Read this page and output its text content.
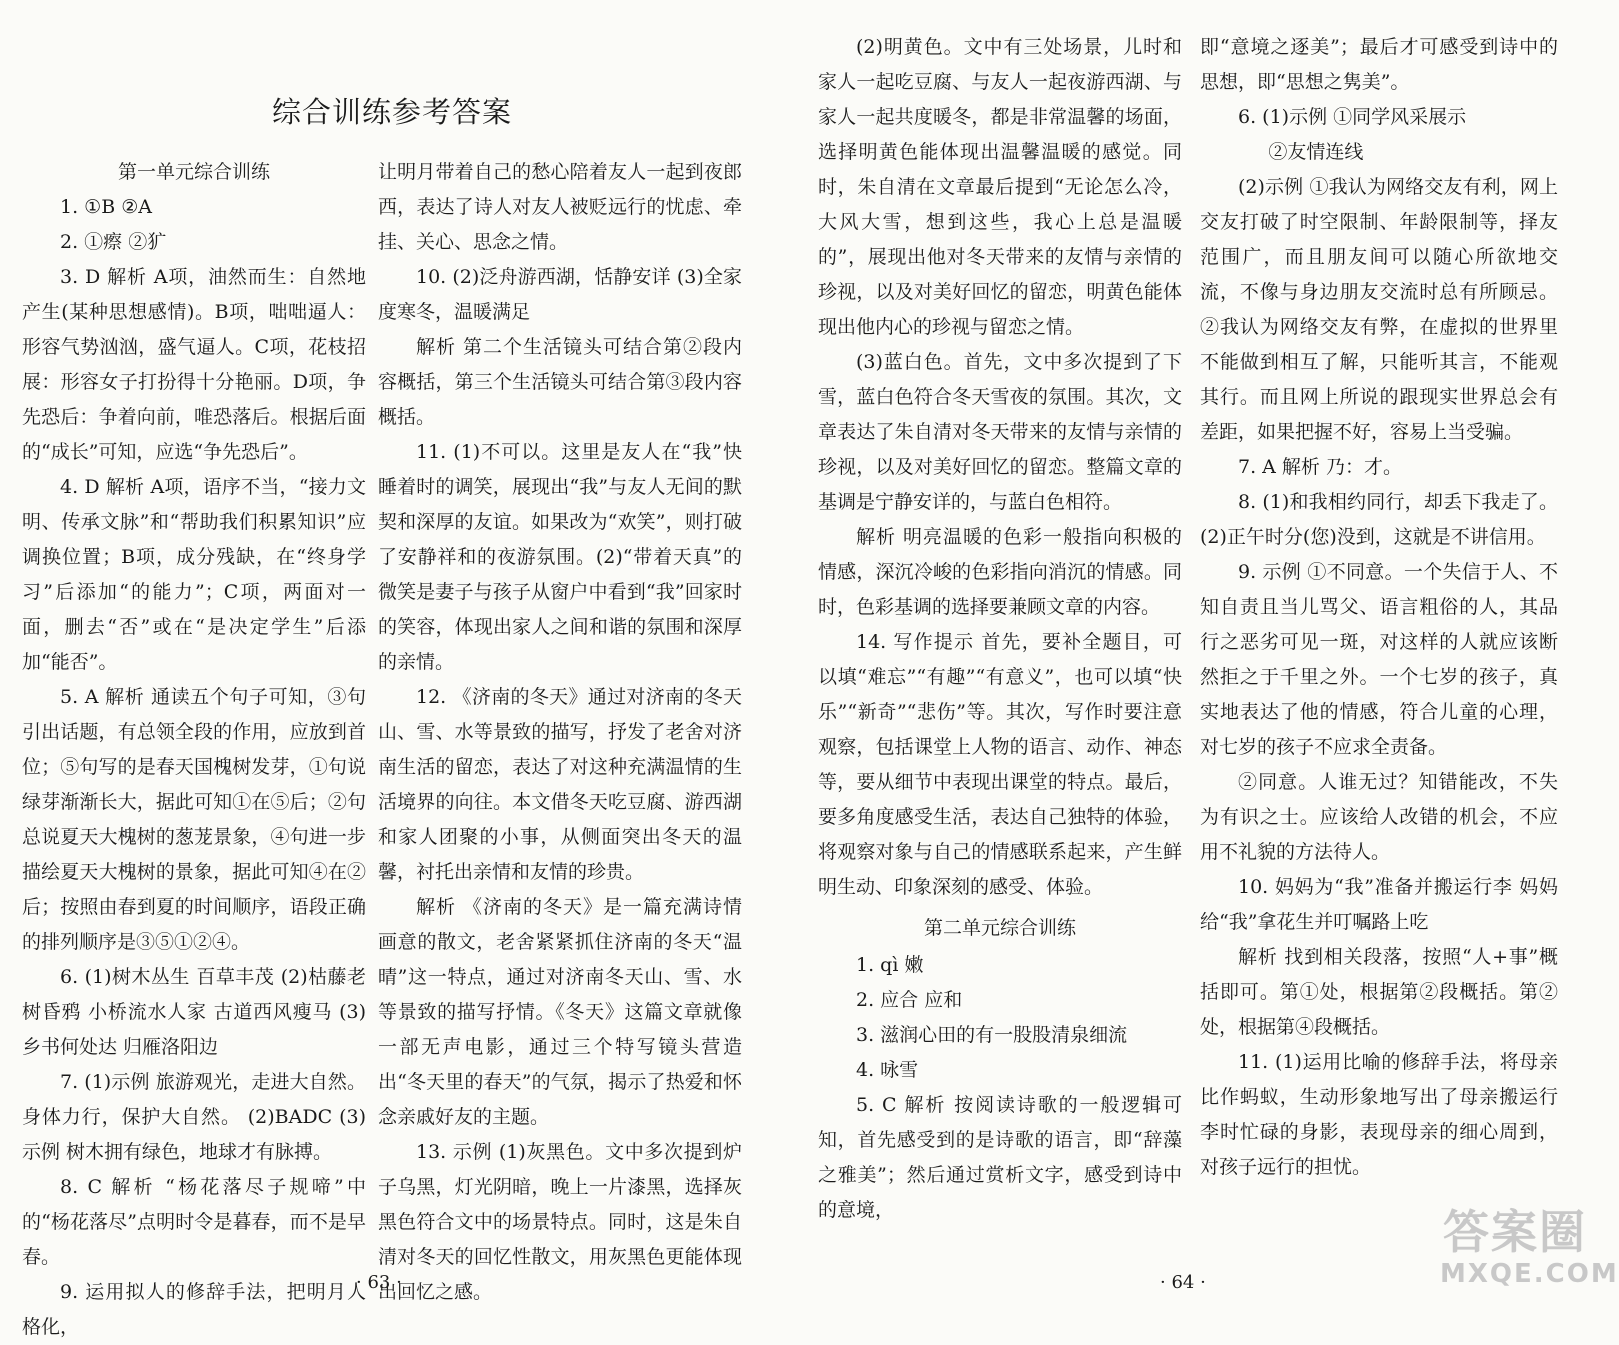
综合训练参考答案
第一单元综合训练

1. ①B ②A

2. ①瘵 ②犷

3. D 解析 A项，油然而生：自然地产生(某种思想感情)。B项，咄咄逼人：形容气势汹汹，盛气逼人。C项，花枝招展：形容女子打扮得十分艳丽。D项，争先恐后：争着向前，唯恐落后。根据后面的“成长”可知，应选“争先恐后”。

4. D 解析 A项，语序不当，“接力文明、传承文脉”和“帮助我们积累知识”应调换位置；B项，成分残缺，在“终身学习”后添加“的能力”；C项，两面对一面，删去“否”或在“是决定学生”后添加“能否”。

5. A 解析 通读五个句子可知，③句引出话题，有总领全段的作用，应放到首位；⑤句写的是春天国槐树发芽，①句说绿芽渐渐长大，据此可知①在⑤后；②句总说夏天大槐树的葱茏景象，④句进一步描绘夏天大槐树的景象，据此可知④在②后；按照由春到夏的时间顺序，语段正确的排列顺序是③⑤①②④。

6. (1)树木丛生 百草丰茂 (2)枯藤老树昏鸦 小桥流水人家 古道西风瘦马 (3)乡书何处达 归雁洛阳边

7. (1)示例 旅游观光，走进大自然。 身体力行，保护大自然。 (2)BADC (3)示例 树木拥有绿色，地球才有脉搏。

8. C 解析 “杨花落尽子规啼”中的“杨花落尽”点明时令是暮春，而不是早春。

9. 运用拟人的修辞手法，把明月人格化，

让明月带着自己的愁心陪着友人一起到夜郎西，表达了诗人对友人被贬远行的忧虑、牵挂、关心、思念之情。

10. (2)泛舟游西湖，恬静安详 (3)全家度寒冬，温暖满足

解析 第二个生活镜头可结合第②段内容概括，第三个生活镜头可结合第③段内容概括。

11. (1)不可以。这里是友人在“我”快睡着时的调笑，展现出“我”与友人无间的默契和深厚的友谊。如果改为“欢笑”，则打破了安静祥和的夜游氛围。(2)“带着天真”的微笑是妻子与孩子从窗户中看到“我”回家时的笑容，体现出家人之间和谐的氛围和深厚的亲情。

12. 《济南的冬天》通过对济南的冬天山、雪、水等景致的描写，抒发了老舍对济南生活的留恋，表达了对这种充满温情的生活境界的向往。本文借冬天吃豆腐、游西湖和家人团聚的小事，从侧面突出冬天的温馨，衬托出亲情和友情的珍贵。

解析 《济南的冬天》是一篇充满诗情画意的散文，老舍紧紧抓住济南的冬天“温晴”这一特点，通过对济南冬天山、雪、水等景致的描写抒情。《冬天》这篇文章就像一部无声电影，通过三个特写镜头营造出“冬天里的春天”的气氛，揭示了热爱和怀念亲戚好友的主题。

13. 示例 (1)灰黑色。文中多次提到炉子乌黑，灯光阴暗，晚上一片漆黑，选择灰黑色符合文中的场景特点。同时，这是朱自清对冬天的回忆性散文，用灰黑色更能体现出回忆之感。

(2)明黄色。文中有三处场景，儿时和家人一起吃豆腐、与友人一起夜游西湖、与家人一起共度暖冬，都是非常温馨的场面，选择明黄色能体现出温馨温暖的感觉。同时，朱自清在文章最后提到“无论怎么冷，大风大雪，想到这些，我心上总是温暖的”，展现出他对冬天带来的友情与亲情的珍视，以及对美好回忆的留恋，明黄色能体现出他内心的珍视与留恋之情。

(3)蓝白色。首先，文中多次提到了下雪，蓝白色符合冬天雪夜的氛围。其次，文章表达了朱自清对冬天带来的友情与亲情的珍视，以及对美好回忆的留恋。整篇文章的基调是宁静安详的，与蓝白色相符。

解析 明亮温暖的色彩一般指向积极的情感，深沉冷峻的色彩指向消沉的情感。同时，色彩基调的选择要兼顾文章的内容。

14. 写作提示 首先，要补全题目，可以填“难忘”“有趣”“有意义”，也可以填“快乐”“新奇”“悲伤”等。其次，写作时要注意观察，包括课堂上人物的语言、动作、神态等，要从细节中表现出课堂的特点。最后，要多角度感受生活，表达自己独特的体验，将观察对象与自己的情感联系起来，产生鲜明生动、印象深刻的感受、体验。

第二单元综合训练

1. qì 嫩

2. 应合 应和

3. 滋润心田的有一股股清泉细流

4. 咏雪

5. C 解析 按阅读诗歌的一般逻辑可知，首先感受到的是诗歌的语言，即“辞藻之雅美”；然后通过赏析文字，感受到诗中的意境，

即“意境之逐美”；最后才可感受到诗中的思想，即“思想之隽美”。

6. (1)示例 ①同学风采展示

②友情连线

(2)示例 ①我认为网络交友有利，网上交友打破了时空限制、年龄限制等，择友范围广，而且朋友间可以随心所欲地交流，不像与身边朋友交流时总有所顾忌。②我认为网络交友有弊，在虚拟的世界里不能做到相互了解，只能听其言，不能观其行。而且网上所说的跟现实世界总会有差距，如果把握不好，容易上当受骗。

7. A 解析 乃：才。

8. (1)和我相约同行，却丢下我走了。(2)正午时分(您)没到，这就是不讲信用。

9. 示例 ①不同意。一个失信于人、不知自责且当儿骂父、语言粗俗的人，其品行之恶劣可见一斑，对这样的人就应该断然拒之于千里之外。一个七岁的孩子，真实地表达了他的情感，符合儿童的心理，对七岁的孩子不应求全责备。

②同意。人谁无过？知错能改，不失为有识之士。应该给人改错的机会，不应用不礼貌的方法待人。

10. 妈妈为“我”准备并搬运行李 妈妈给“我”拿花生并叮嘱路上吃

解析 找到相关段落，按照“人+事”概括即可。第①处，根据第②段概括。第②处，根据第④段概括。

11. (1)运用比喻的修辞手法，将母亲比作蚂蚁，生动形象地写出了母亲搬运行李时忙碌的身影，表现母亲的细心周到，对孩子远行的担忧。

· 63 ·	· 64 ·
答案圈
MXQE.COM
